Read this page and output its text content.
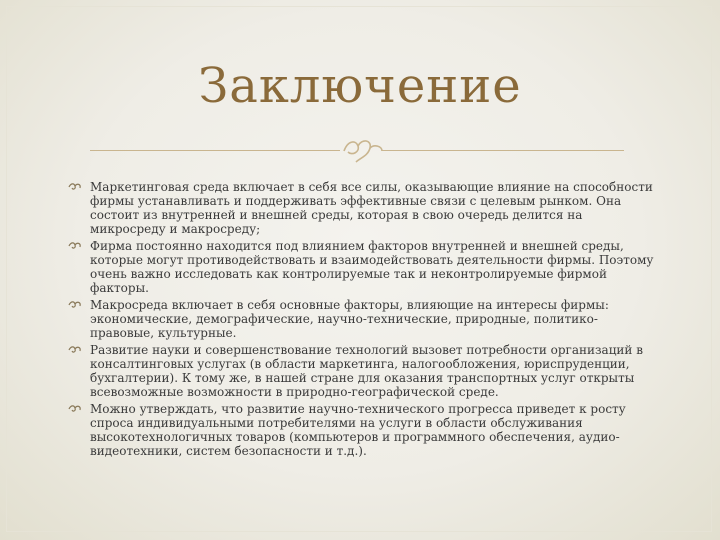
Заключение
Маркетинговая среда включает в себя все силы, оказывающие влияние на способности фирмы устанавливать и поддерживать эффективные связи с целевым рынком. Она состоит из внутренней и внешней среды, которая в свою очередь делится на микросреду и макросреду;
Фирма постоянно находится под влиянием факторов внутренней и внешней среды, которые могут противодействовать и взаимодействовать деятельности фирмы. Поэтому очень важно исследовать как контролируемые так и неконтролируемые фирмой факторы.
Макросреда включает в себя основные факторы, влияющие на интересы фирмы: экономические, демографические, научно-технические, природные, политико-правовые, культурные.
Развитие науки и совершенствование технологий вызовет потребности организаций в консалтинговых услугах (в области маркетинга, налогообложения, юриспруденции, бухгалтерии). К тому же, в нашей стране для оказания транспортных услуг открыты всевозможные возможности в природно-географической среде.
Можно утверждать, что развитие научно-технического прогресса приведет к росту спроса индивидуальными потребителями на услуги в области обслуживания высокотехнологичных товаров (компьютеров и программного обеспечения, аудио-видеотехники, систем безопасности и т.д.).
